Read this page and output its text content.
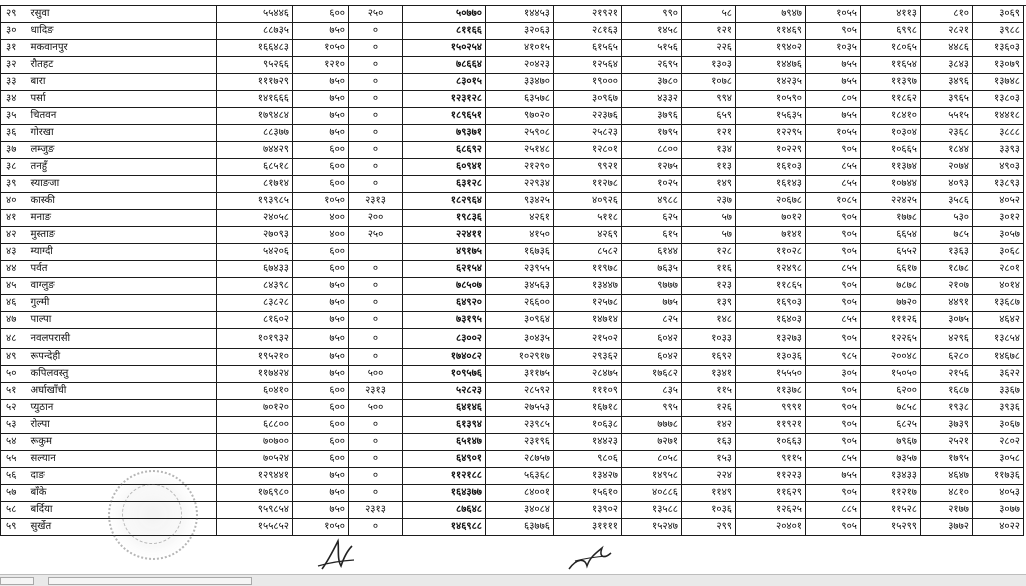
२९	रसुवा	५५४४६	६००	२५०	५०७७०	१४४५३	२१९२१	९९०	५८	७९४७	१०५५	४११३	८१०	३०६९
३०	धादिङ	८८७३५	७५०	०	८११६६	३२०६३	२८१६३	१४५८	१२१	११४६९	९०५	६९९८	२८२१	३९८८
३१	मकवानपुर	१६६४८३	१०५०	०	१५०२५४	४१०१५	६१५६५	५१५६	२२६	१९४०२	१०३५	१८०६५	४४८६	१३६०३
३२	रौतहट	९५२६६	१२१०	०	७८६६४	२०४२३	१२५६४	२६९५	१३०३	१४४७६	७५५	११६५४	३८४३	१३०७९
३३	बारा	१११७२९	७५०	०	८३०१५	३३४७०	१९०००	३७८०	१०७८	१४२३५	७५५	११३९७	३४९६	१३७४८
३४	पर्सा	१४१६६६	७५०	०	१२३१२८	६३५७८	३०९६७	४३३२	९९४	१०५९०	८०५	११८६२	३९६५	१३८०३
३५	चितवन	१७९४८४	७५०	०	१८९६५१	९७०२०	२२३७६	३७९६	६५९	१५६३५	७५५	१८४१०	५५१५	१४४१८
३६	गोरखा	८८३७७	७५०	०	७९३७१	२५९०८	२५८२३	१७९५	१२१	१२२९५	१०५५	१०३०४	२३६८	३८८८
३७	लम्जुङ	७४४२९	६००	०	६८६९२	२५१४८	१२८०१	८८००	१३४	१०२२९	९०५	१०६६५	१८४४	३३९३
३८	तनहुँ	६८५१८	६००	०	६०९४१	२१२९०	९९२१	१२७५	११३	१६१०३	८५५	११३७४	२०७४	४९०३
३९	स्याङजा	८१७१४	६००	०	६३१२८	२२९३४	११२७८	१०२५	१४९	१६१४३	८५५	१०७४४	४०९३	१३८९३
४०	कास्की	१९३९८५	१०५०	२३१३	१८२९६४	९३४२५	४०९२६	४९८८	२३७	२०६७८	१०८५	२२४२५	३५८६	४०५२
४१	मनाङ	२४०५८	४००	२००	१९८३६	४२६१	५११८	६२५	५७	७०१२	९०५	१७७८	५३०	३०१२
४२	मुस्ताङ	२७०९३	४००	२५०	२२४११	४१५०	४२६९	६१५	५७	७१४१	९०५	६६५४	७८५	३०५७
४३	म्याग्दी	५४२०६	६००		४९१७५	१६७३६	८५८२	६१४४	१२८	११०२८	९०५	६५५२	१३६३	३०६८
४४	पर्वत	६७४३३	६००	०	६२१५४	२३९५५	११९७८	७६३५	११६	१२४९८	८५५	६६१७	१८७८	२८०१
४५	वाग्लुङ	८४३९८	७५०	०	७८५०७	३४५६३	१३४४७	९७७७	१२३	११८६५	९०५	७८७८	२१०७	४०१४
४६	गुल्मी	८३८२८	७५०	०	६४९२०	२६६००	१२५७८	७७५	१३९	१६९०३	९०५	७७२०	४४९१	१३६८७
४७	पाल्पा	८१६०२	७५०	०	७३१९५	३०९६४	१४७१४	८२५	१४८	१६४०३	८५५	१११२६	३०७५	४६४२
४८	नवलपरासी	१०१९३२	७५०	०	८३००२	३०४३५	२१५०२	६०४२	१०३३	१३२७३	९०५	१२२६५	४२९६	१३८५४
४९	रूपन्देही	१९५२१०	७५०	०	१७४०८२	१०२९१७	२९३६२	६०४२	१६९२	१३०३६	९८५	२००४८	६२८०	१४६७८
५०	कपिलवस्तु	११७४२४	७५०	५००	१०९५७६	३११७५	२८४७५	१७६८२	१३४१	१५५५०	३०५	१५०५०	२१५६	३६२२
५१	अर्घाखाँची	६०४१०	६००	२३१३	५२८२३	२८५९२	१११०९	८३५	११५	११३७८	९०५	६२००	१६८७	३३६७
५२	प्युठान	७०१२०	६००	५००	६४१४६	२७५५३	१६७१८	९९५	१२६	९९९१	९०५	७८५८	१९३८	३९३६
५३	रोल्पा	६८८००	६००	०	६१३९४	२३९८५	१०६३८	७७७८	१४२	११९२१	९०५	६८२५	३७३९	३०६७
५४	रूकुम	७०७००	६००	०	६५१४७	२३१९६	१४४२३	७२७१	१६३	१०६६३	९०५	७९६७	२५२१	२८०२
५५	सल्यान	७०५२४	६००	०	६४९०१	२८७५७	९८०६	८०५८	१५३	९११५	८५५	७३५७	१७९५	३०५८
५६	दाङ	१२९४४१	७५०	०	११२१८८	५६३६८	१३४२७	१४९५८	२२४	११२२३	७५५	१३४३३	४६४७	११७३६
५७	बाँके	१७६९८०	७५०	०	१६४३७७	८४००१	१५६१०	४०८८६	११४९	११६२९	९०५	११२१७	४८१०	४०५३
५८	बर्दिया	९५९८५४	७५०	२३१३	८७६४८	३४०८४	१३९०२	१३५८८	१०३६	१२६२५	८८५	११५२८	२१७७	३०७७
५९	सुर्खेत	१५५८५२	१०५०	०	१४६९८८	६३७७६	३११११	१५२४७	२९९	२०४०१	९०५	१५२९९	३७७२	४०२२
